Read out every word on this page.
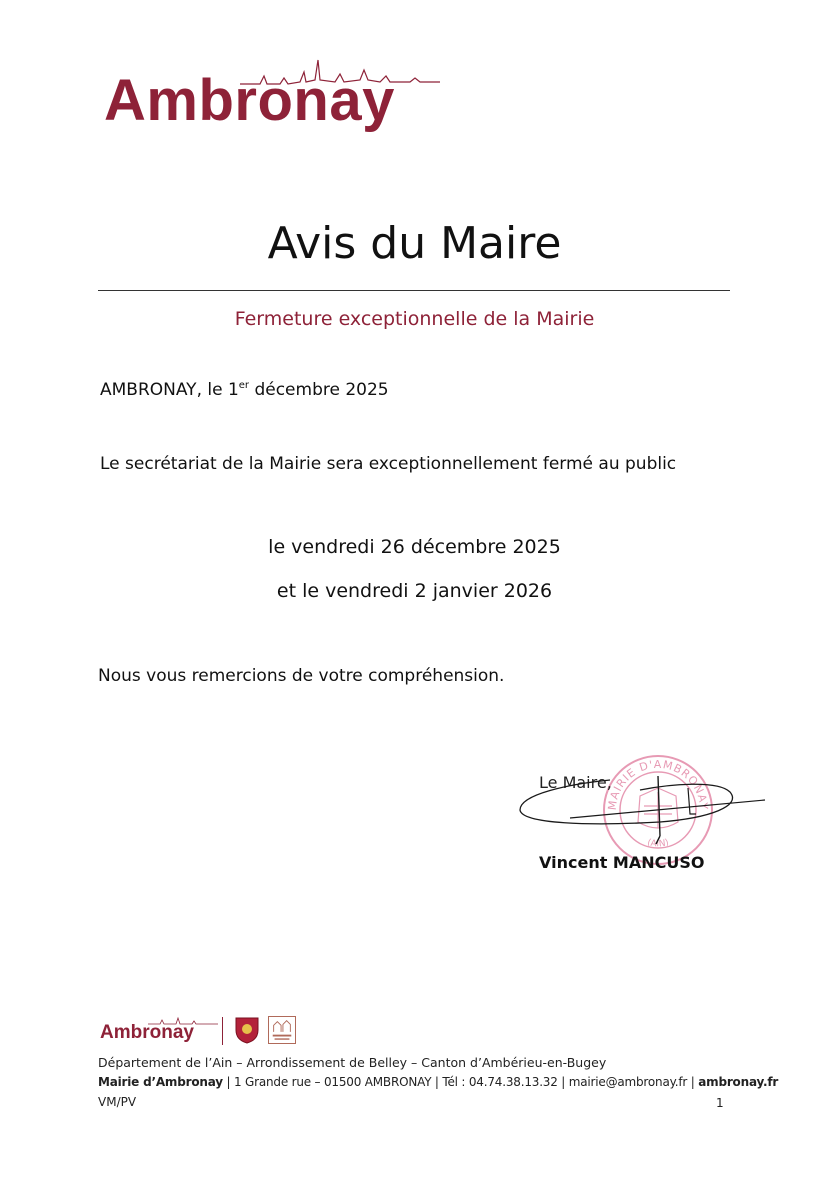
Ambronay
Avis du Maire
Fermeture exceptionnelle de la Mairie
AMBRONAY, le 1er décembre 2025
Le secrétariat de la Mairie sera exceptionnellement fermé au public
le vendredi 26 décembre 2025
et le vendredi 2 janvier 2026
Nous vous remercions de votre compréhension.
MAIRIE D'AMBRONAY
(AIN)
Le Maire,
Vincent MANCUSO
Ambronay
Département de l’Ain – Arrondissement de Belley – Canton d’Ambérieu-en-Bugey
Mairie d’Ambronay | 1 Grande rue – 01500 AMBRONAY | Tél : 04.74.38.13.32 | mairie@ambronay.fr | ambronay.fr
VM/PV	1
